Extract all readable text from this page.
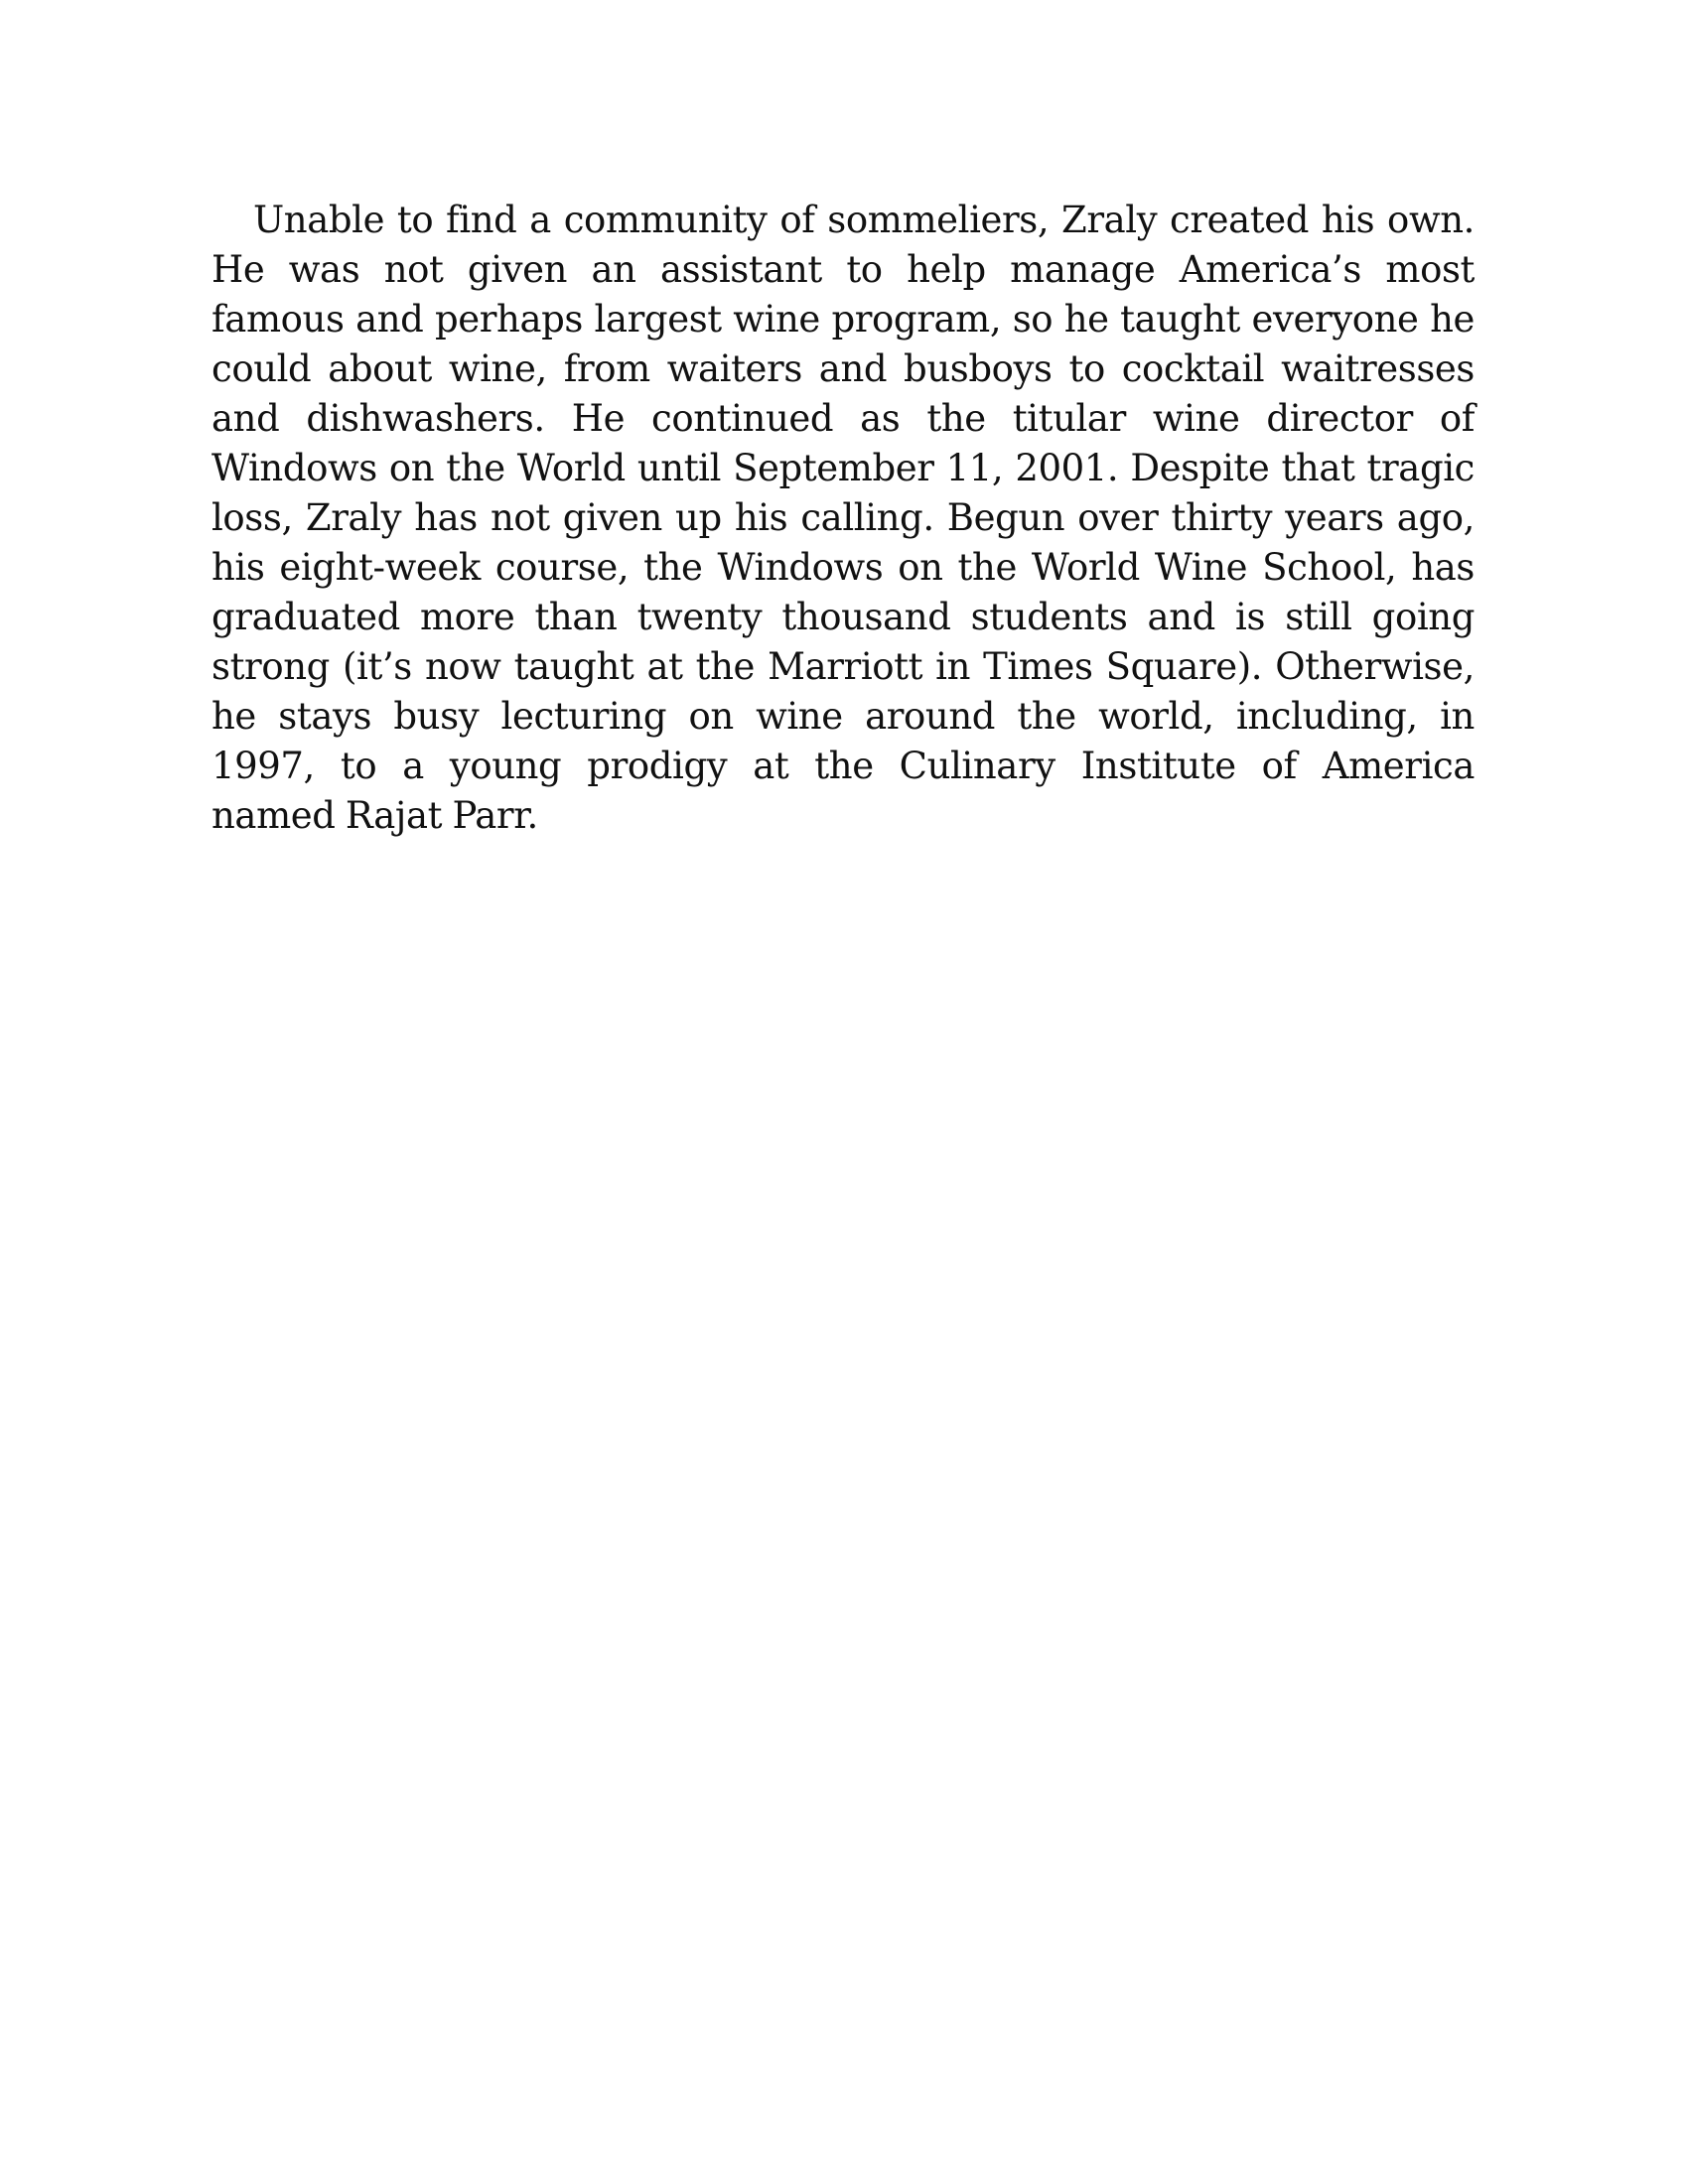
Unable to find a community of sommeliers, Zraly created his own.
He was not given an assistant to help manage America’s most
famous and perhaps largest wine program, so he taught everyone he
could about wine, from waiters and busboys to cocktail waitresses
and dishwashers. He continued as the titular wine director of
Windows on the World until September 11, 2001. Despite that tragic
loss, Zraly has not given up his calling. Begun over thirty years ago,
his eight-week course, the Windows on the World Wine School, has
graduated more than twenty thousand students and is still going
strong (it’s now taught at the Marriott in Times Square). Otherwise,
he stays busy lecturing on wine around the world, including, in
1997, to a young prodigy at the Culinary Institute of America
named Rajat Parr.
